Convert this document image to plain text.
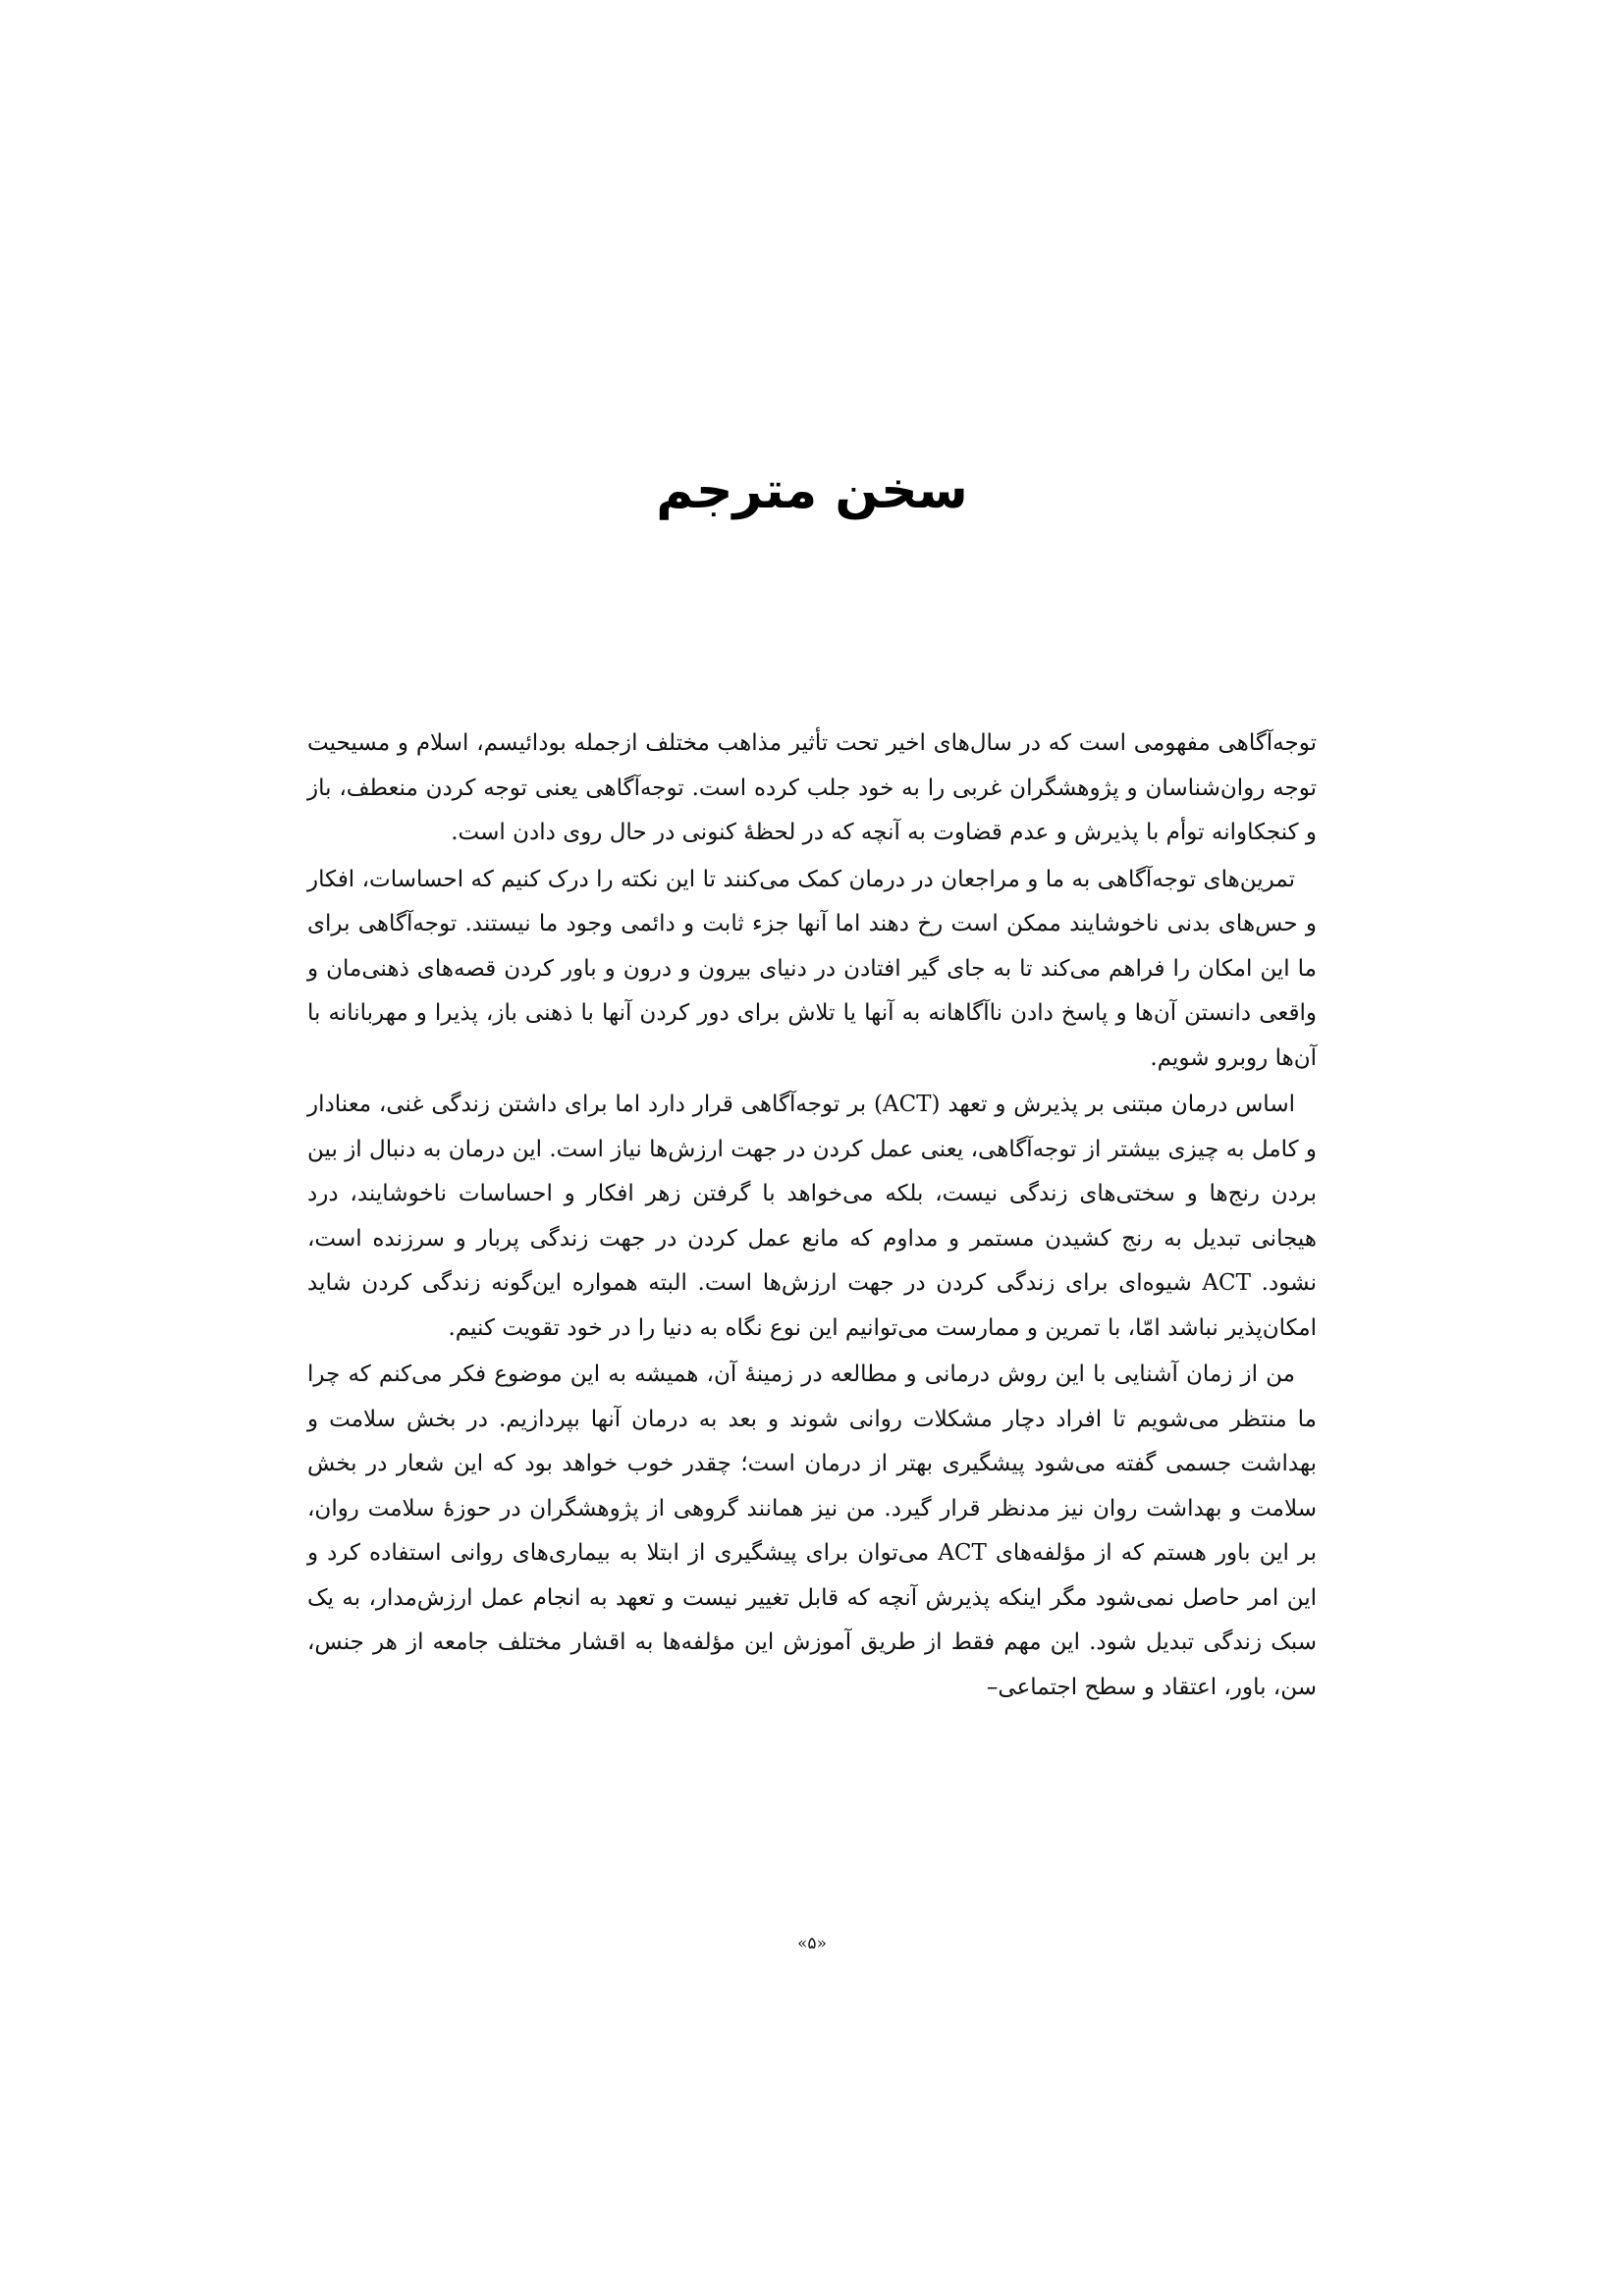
سخن مترجم

توجه‌آگاهی مفهومی است که در سال‌های اخیر تحت تأثیر مذاهب مختلف ازجمله بودائیسم، اسلام و مسیحیت توجه روان‌شناسان و پژوهشگران غربی را به خود جلب کرده است. توجه‌آگاهی یعنی توجه کردن منعطف، باز و کنجکاوانه توأم با پذیرش و عدم قضاوت به آنچه که در لحظهٔ کنونی در حال روی دادن است.

تمرین‌های توجه‌آگاهی به ما و مراجعان در درمان کمک می‌کنند تا این نکته را درک کنیم که احساسات، افکار و حس‌های بدنی ناخوشایند ممکن است رخ دهند اما آنها جزء ثابت و دائمی وجود ما نیستند. توجه‌آگاهی برای ما این امکان را فراهم می‌کند تا به جای گیر افتادن در دنیای بیرون و درون و باور کردن قصه‌های ذهنی‌مان و واقعی دانستن آن‌ها و پاسخ دادن ناآگاهانه به آنها یا تلاش برای دور کردن آنها با ذهنی باز، پذیرا و مهربانانه با آن‌ها روبرو شویم.

اساس درمان مبتنی بر پذیرش و تعهد (ACT) بر توجه‌آگاهی قرار دارد اما برای داشتن زندگی غنی، معنادار و کامل به چیزی بیشتر از توجه‌آگاهی، یعنی عمل کردن در جهت ارزش‌ها نیاز است. این درمان به دنبال از بین بردن رنج‌ها و سختی‌های زندگی نیست، بلکه می‌خواهد با گرفتن زهر افکار و احساسات ناخوشایند، درد هیجانی تبدیل به رنج کشیدن مستمر و مداوم که مانع عمل کردن در جهت زندگی پربار و سرزنده است، نشود. ACT شیوه‌ای برای زندگی کردن در جهت ارزش‌ها است. البته همواره این‌گونه زندگی کردن شاید امکان‌پذیر نباشد امّا، با تمرین و ممارست می‌توانیم این نوع نگاه به دنیا را در خود تقویت کنیم.

من از زمان آشنایی با این روش درمانی و مطالعه در زمینهٔ آن، همیشه به این موضوع فکر می‌کنم که چرا ما منتظر می‌شویم تا افراد دچار مشکلات روانی شوند و بعد به درمان آنها بپردازیم. در بخش سلامت و بهداشت جسمی گفته می‌شود پیشگیری بهتر از درمان است؛ چقدر خوب خواهد بود که این شعار در بخش سلامت و بهداشت روان نیز مدنظر قرار گیرد. من نیز همانند گروهی از پژوهشگران در حوزهٔ سلامت روان، بر این باور هستم که از مؤلفه‌های ACT می‌توان برای پیشگیری از ابتلا به بیماری‌های روانی استفاده کرد و این امر حاصل نمی‌شود مگر اینکه پذیرش آنچه که قابل تغییر نیست و تعهد به انجام عمل ارزش‌مدار، به یک سبک زندگی تبدیل شود. این مهم فقط از طریق آموزش این مؤلفه‌ها به اقشار مختلف جامعه از هر جنس، سن، باور، اعتقاد و سطح اجتماعی–

«۵»
